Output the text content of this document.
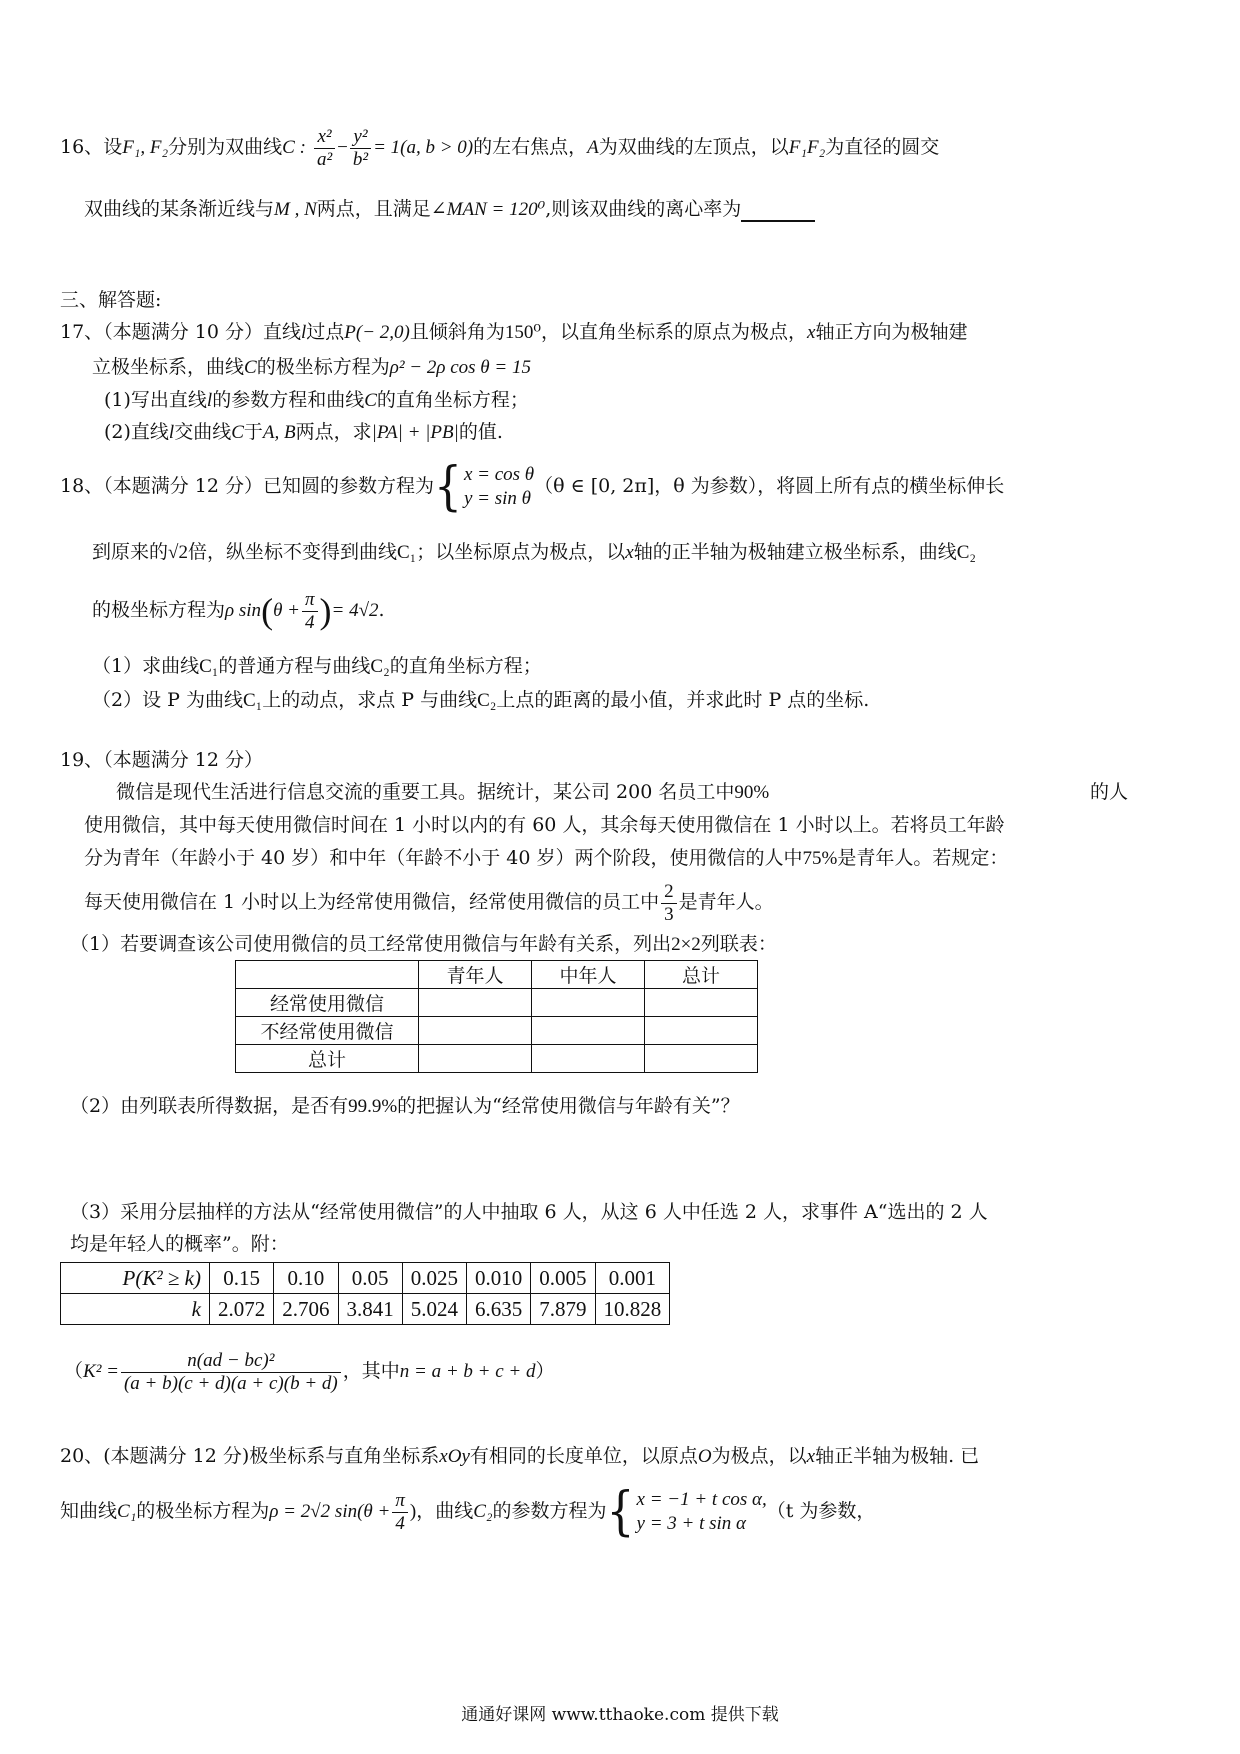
16、设F₁, F₂分别为双曲线C : $\frac{\text{x²}}{\text{a²}} - \frac{\text{y²}}{\text{b²}} = 1(a$, b > 0)的左右焦点，A为双曲线的左顶点，以F₁F₂为直径的圆交
双曲线的某条渐近线与M , N两点，且满足∠MAN = 120⁰,则该双曲线的离心率为
三、解答题:
17、（本题满分 10 分）直线l过点P(− 2,0)且倾斜角为150⁰，以直角坐标系的原点为极点，x轴正方向为极轴建
立极坐标系，曲线C的极坐标方程为ρ² − 2ρ cos θ = 15
(1)写出直线l的参数方程和曲线C的直角坐标方程；
(2)直线l交曲线C于A, B两点，求|PA| + |PB|的值.
18、（本题满分 12 分）已知圆的参数方程为{ x = cos θ
y = sin θ
（θ ∈ [0, 2π]，θ 为参数），将圆上所有点的横坐标伸长
到原来的√2倍，纵坐标不变得到曲线C₁；以坐标原点为极点，以x轴的正半轴为极轴建立极坐标系，曲线C₂
的极坐标方程为ρ $\sin(\theta + \frac{\pi}{4}$ )= 4√2.
（1）求曲线C₁的普通方程与曲线C₂的直角坐标方程；
（2）设 P 为曲线C₁上的动点，求点 P 与曲线C₂上点的距离的最小值，并求此时 P 点的坐标.
19、（本题满分 12 分）
微信是现代生活进行信息交流的重要工具。据统计，某公司 200 名员工中90%	的人
使用微信，其中每天使用微信时间在 1 小时以内的有 60 人，其余每天使用微信在 1 小时以上。若将员工年龄
分为青年（年龄小于 40 岁）和中年（年龄不小于 40 岁）两个阶段，使用微信的人中75%是青年人。若规定：
每天使用微信在 1 小时以上为经常使用微信，经常使用微信的员工中 $\frac{2}{3}$ 是青年人。
（1）若要调查该公司使用微信的员工经常使用微信与年龄有关系，列出2×2列联表：
	青年人	中年人	总计
经常使用微信			
不经常使用微信			
总计			
（2）由列联表所得数据，是否有99.9%的把握认为“经常使用微信与年龄有关”？
（3）采用分层抽样的方法从“经常使用微信”的人中抽取 6 人，从这 6 人中任选 2 人，求事件 A“选出的 2 人
均是年轻人的概率”。附：
P(K² ≥ k)	0.15	0.10	0.05	0.025	0.010	0.005	0.001
k	2.072	2.706	3.841	5.024	6.635	7.879	10.828
（$K^2 = \frac{\text{n(ad − bc)²}}{(a + b)(c + d)(a + c)(b + d)}$ ，其中n = a + b + c + d）
20、(本题满分 12 分)极坐标系与直角坐标系xOy有相同的长度单位，以原点O为极点，以x轴正半轴为极轴. 已
知曲线C₁的极坐标方程为ρ = 2√2 $\sin(\theta + \frac{\pi}{4}$ )，曲线C₂的参数方程为{ x = −1 + t cos α,
y = 3 + t sin α
（t 为参数，
通通好课网 www.tthaoke.com 提供下载
